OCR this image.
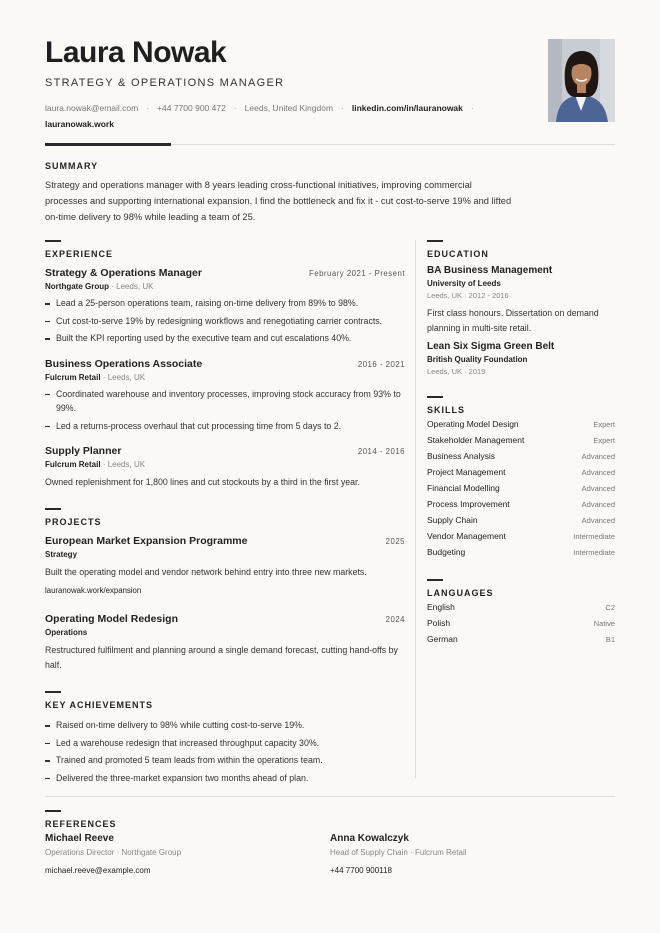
Laura Nowak
STRATEGY & OPERATIONS MANAGER
laura.nowak@email.com · +44 7700 900 472 · Leeds, United Kingdom · linkedin.com/in/lauranowak ·
lauranowak.work
SUMMARY

Strategy and operations manager with 8 years leading cross-functional initiatives, improving commercial processes and supporting international expansion. I find the bottleneck and fix it - cut cost-to-serve 19% and lifted on-time delivery to 98% while leading a team of 25.

EXPERIENCE
Strategy & Operations Manager	February 2021 - Present
Northgate Group · Leeds, UK
Lead a 25-person operations team, raising on-time delivery from 89% to 98%.
Cut cost-to-serve 19% by redesigning workflows and renegotiating carrier contracts.
Built the KPI reporting used by the executive team and cut escalations 40%.
Business Operations Associate	2016 - 2021
Fulcrum Retail · Leeds, UK
Coordinated warehouse and inventory processes, improving stock accuracy from 93% to 99%.
Led a returns-process overhaul that cut processing time from 5 days to 2.
Supply Planner	2014 - 2016
Fulcrum Retail · Leeds, UK
Owned replenishment for 1,800 lines and cut stockouts by a third in the first year.
PROJECTS
European Market Expansion Programme	2025
Strategy
Built the operating model and vendor network behind entry into three new markets.
lauranowak.work/expansion
Operating Model Redesign	2024
Operations
Restructured fulfilment and planning around a single demand forecast, cutting hand-offs by half.
KEY ACHIEVEMENTS
Raised on-time delivery to 98% while cutting cost-to-serve 19%.
Led a warehouse redesign that increased throughput capacity 30%.
Trained and promoted 5 team leads from within the operations team.
Delivered the three-market expansion two months ahead of plan.
EDUCATION
BA Business Management
University of Leeds
Leeds, UK · 2012 - 2016
First class honours. Dissertation on demand planning in multi-site retail.
Lean Six Sigma Green Belt
British Quality Foundation
Leeds, UK · 2019
SKILLS
Operating Model Design	Expert
Stakeholder Management	Expert
Business Analysis	Advanced
Project Management	Advanced
Financial Modelling	Advanced
Process Improvement	Advanced
Supply Chain	Advanced
Vendor Management	Intermediate
Budgeting	Intermediate
LANGUAGES
English	C2
Polish	Native
German	B1
REFERENCES
Michael Reeve
Operations Director · Northgate Group
michael.reeve@example.com
Anna Kowalczyk
Head of Supply Chain · Fulcrum Retail
+44 7700 900118
